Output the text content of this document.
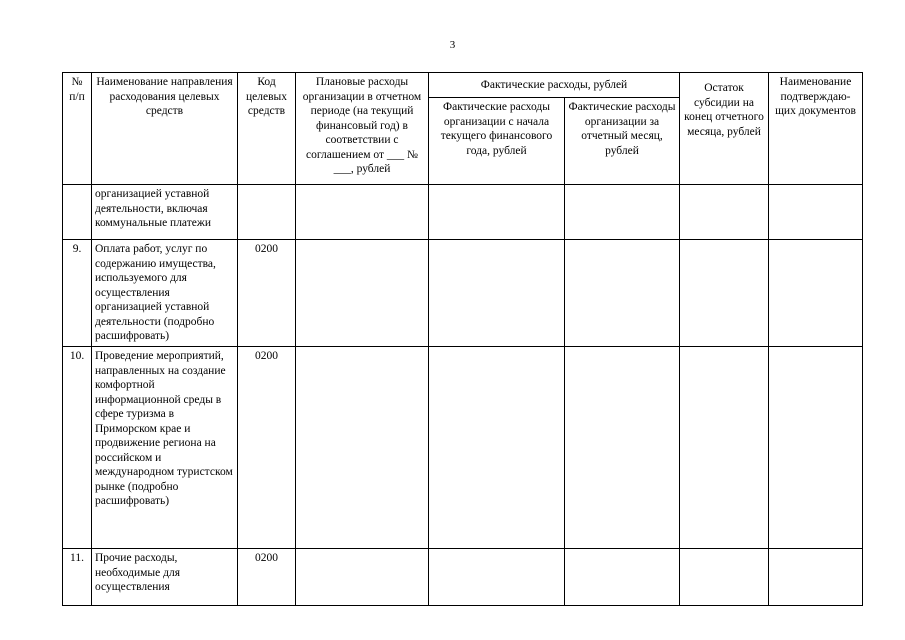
3
№ п/п	Наименование направления расходования целевых средств	Код целевых средств	Плановые расходы организации в отчетном периоде (на текущий финансовый год) в соответствии с соглашением от ___ № ___, рублей	Фактические расходы, рублей		Остаток субсидии на конец отчетного месяца, рублей	Наименование подтверждаю-щих документов
				Фактические расходы организации с начала текущего финансового года, рублей	Фактические расходы организации за отчетный месяц, рублей		
	организацией уставной деятельности, включая коммунальные платежи						
9.	Оплата работ, услуг по содержанию имущества, используемого для осуществления организацией уставной деятельности (подробно расшифровать)	0200					
10.	Проведение мероприятий, направленных на создание комфортной информационной среды в сфере туризма в Приморском крае и продвижение региона на российском и международном туристском рынке (подробно расшифровать)	0200					
11.	Прочие расходы, необходимые для осуществления	0200					
